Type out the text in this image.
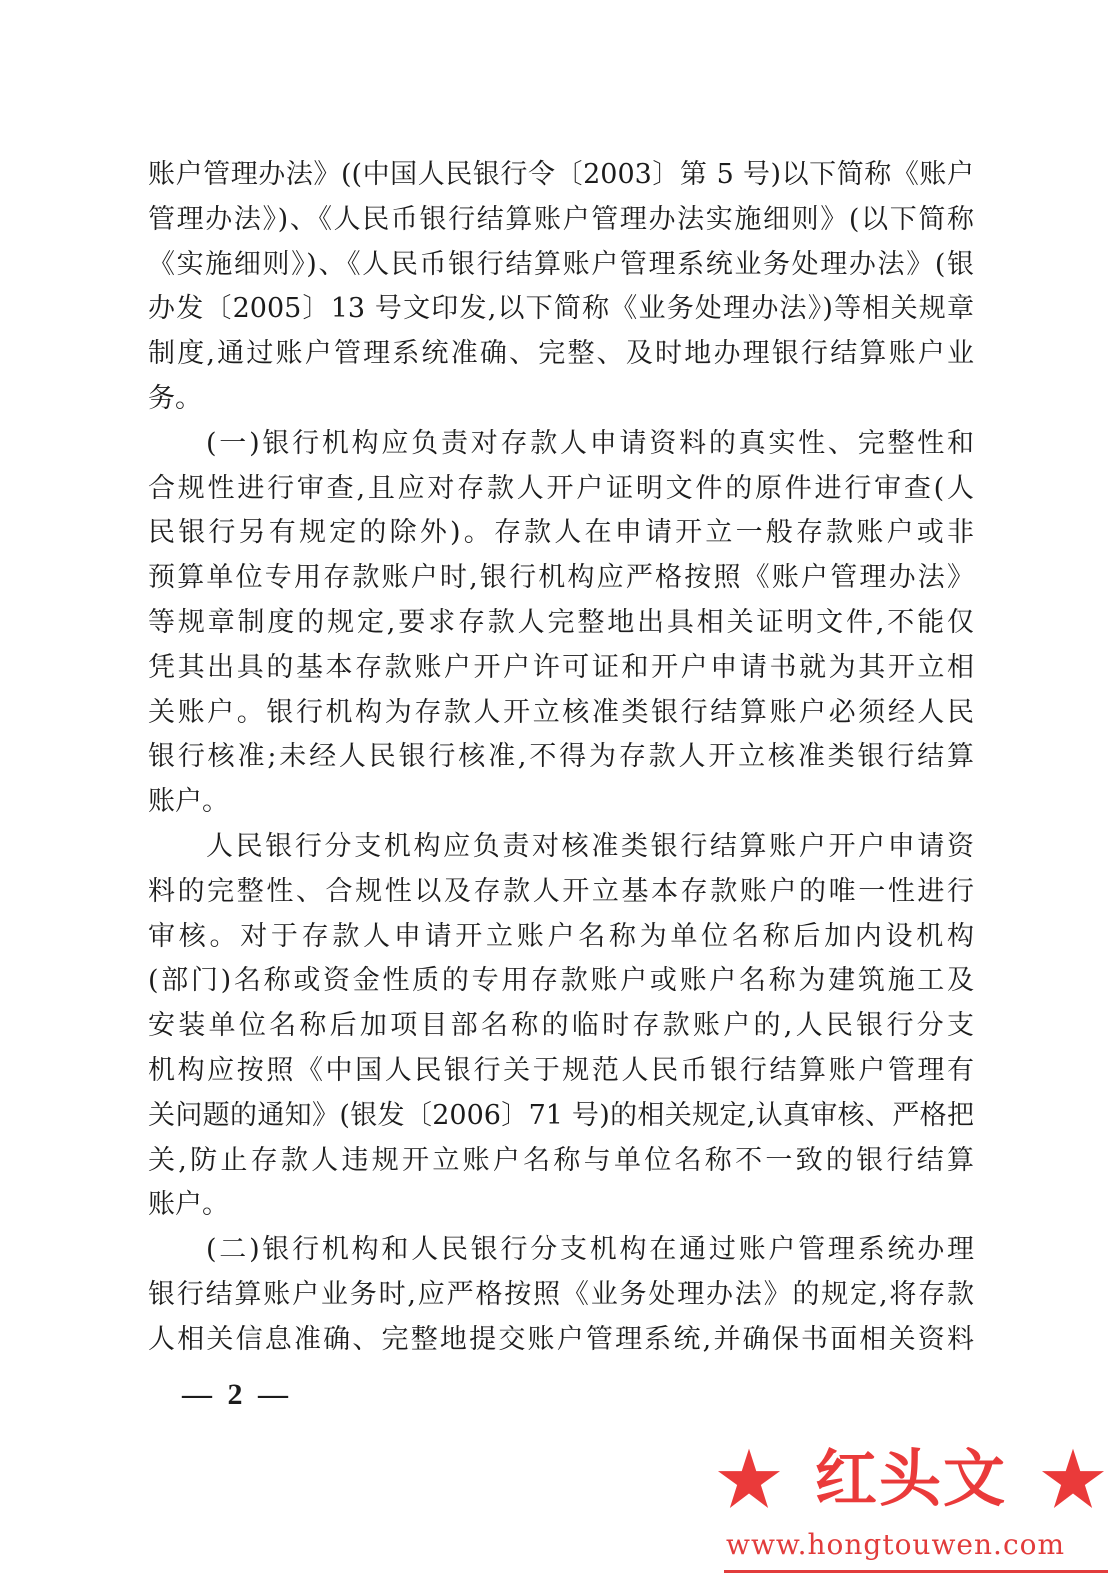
账户管理办法》((中国人民银行令〔2003〕第 5 号)以下简称《账户
管理办法》)、《人民币银行结算账户管理办法实施细则》(以下简称
《实施细则》)、《人民币银行结算账户管理系统业务处理办法》(银
办发〔2005〕13 号文印发,以下简称《业务处理办法》)等相关规章
制度,通过账户管理系统准确、完整、及时地办理银行结算账户业
务。
(一)银行机构应负责对存款人申请资料的真实性、完整性和
合规性进行审查,且应对存款人开户证明文件的原件进行审查(人
民银行另有规定的除外)。存款人在申请开立一般存款账户或非
预算单位专用存款账户时,银行机构应严格按照《账户管理办法》
等规章制度的规定,要求存款人完整地出具相关证明文件,不能仅
凭其出具的基本存款账户开户许可证和开户申请书就为其开立相
关账户。银行机构为存款人开立核准类银行结算账户必须经人民
银行核准;未经人民银行核准,不得为存款人开立核准类银行结算
账户。
人民银行分支机构应负责对核准类银行结算账户开户申请资
料的完整性、合规性以及存款人开立基本存款账户的唯一性进行
审核。对于存款人申请开立账户名称为单位名称后加内设机构
(部门)名称或资金性质的专用存款账户或账户名称为建筑施工及
安装单位名称后加项目部名称的临时存款账户的,人民银行分支
机构应按照《中国人民银行关于规范人民币银行结算账户管理有
关问题的通知》(银发〔2006〕71 号)的相关规定,认真审核、严格把
关,防止存款人违规开立账户名称与单位名称不一致的银行结算
账户。
(二)银行机构和人民银行分支机构在通过账户管理系统办理
银行结算账户业务时,应严格按照《业务处理办法》的规定,将存款
人相关信息准确、完整地提交账户管理系统,并确保书面相关资料
— 2 —
红头文
www.hongtouwen.com
